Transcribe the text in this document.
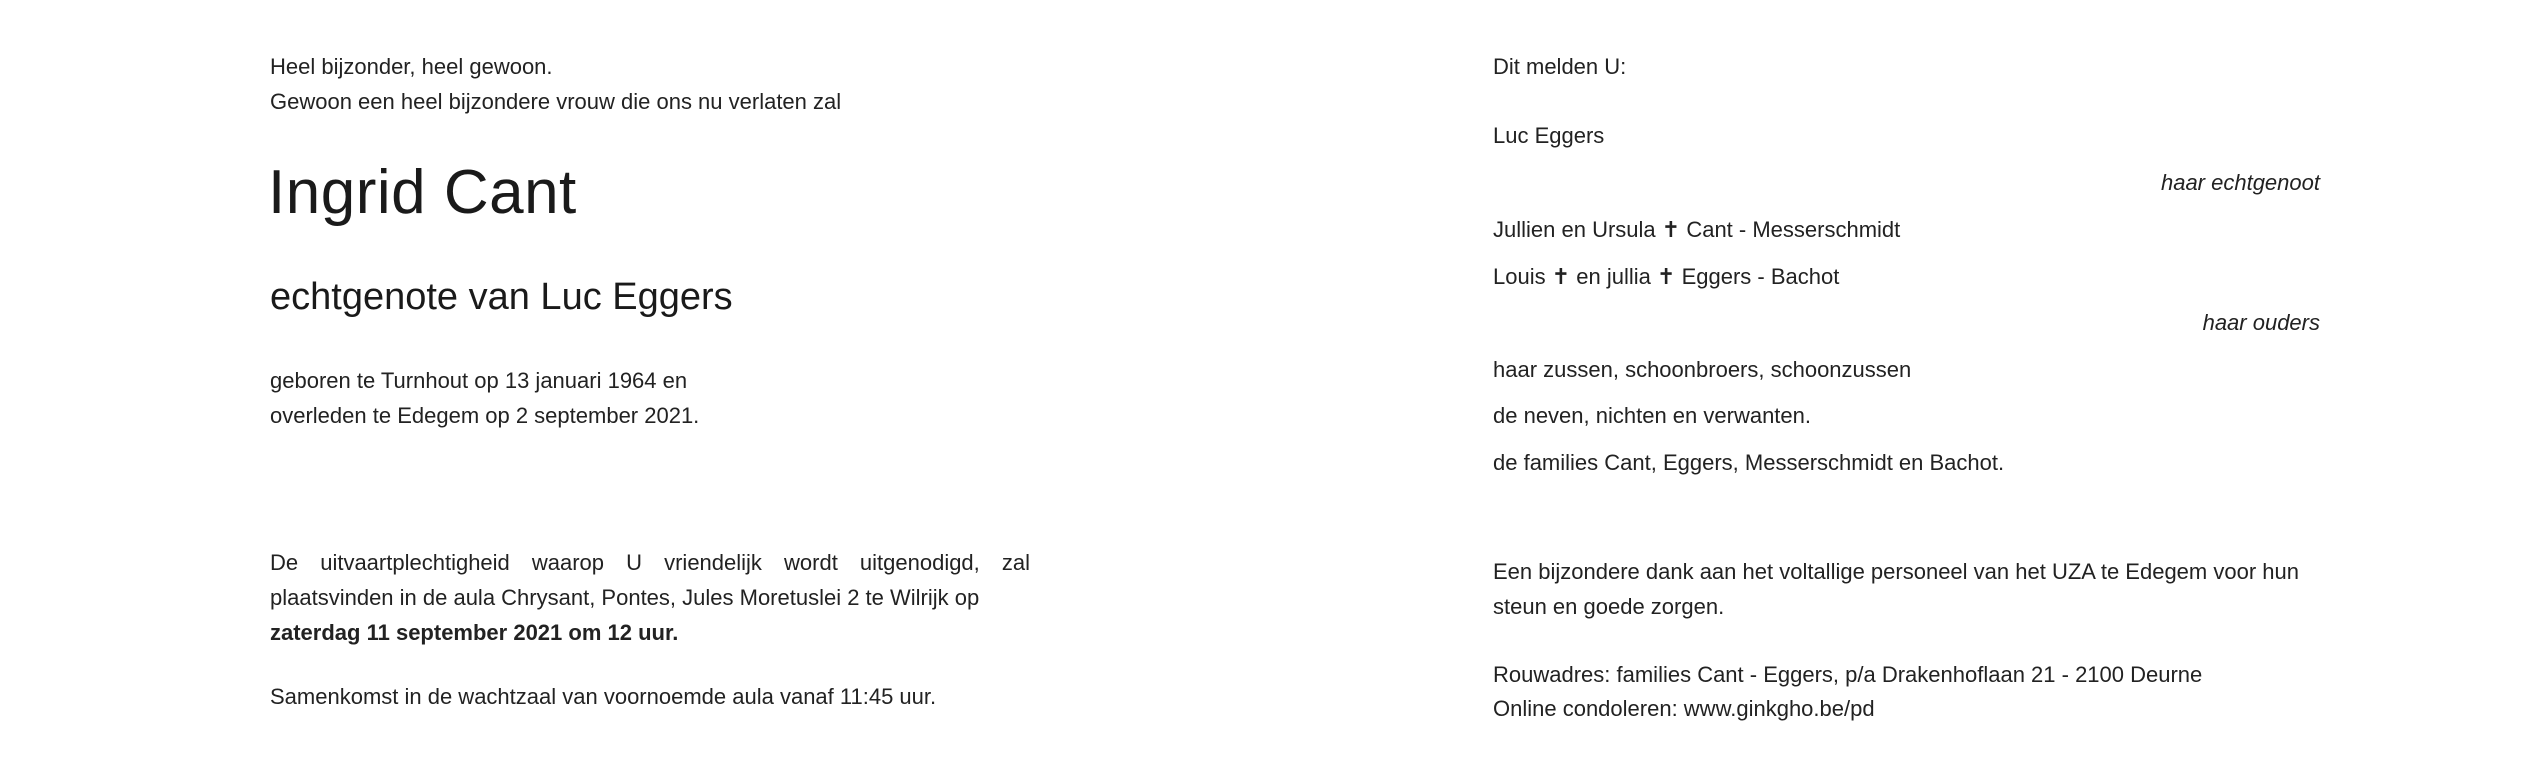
Heel bijzonder, heel gewoon.

Gewoon een heel bijzondere vrouw die ons nu verlaten zal

Ingrid Cant
echtgenote van Luc Eggers

geboren te Turnhout op 13 januari 1964 en

overleden te Edegem op 2 september 2021.

De uitvaartplechtigheid waarop U vriendelijk wordt uitgenodigd, zal plaatsvinden in de aula Chrysant, Pontes, Jules Moretuslei 2 te Wilrijk op
zaterdag 11 september 2021 om 12 uur.

Samenkomst in de wachtzaal van voornoemde aula vanaf 11:45 uur.

Dit melden U:

Luc Eggers

haar echtgenoot

Jullien en Ursula ✝ Cant - Messerschmidt

Louis ✝ en jullia ✝ Eggers - Bachot

haar ouders

haar zussen, schoonbroers, schoonzussen

de neven, nichten en verwanten.

de families Cant, Eggers, Messerschmidt en Bachot.

Een bijzondere dank aan het voltallige personeel van het UZA te Edegem voor hun steun en goede zorgen.

Rouwadres: families Cant - Eggers, p/a Drakenhoflaan 21 - 2100 Deurne

Online condoleren: www.ginkgho.be/pd
